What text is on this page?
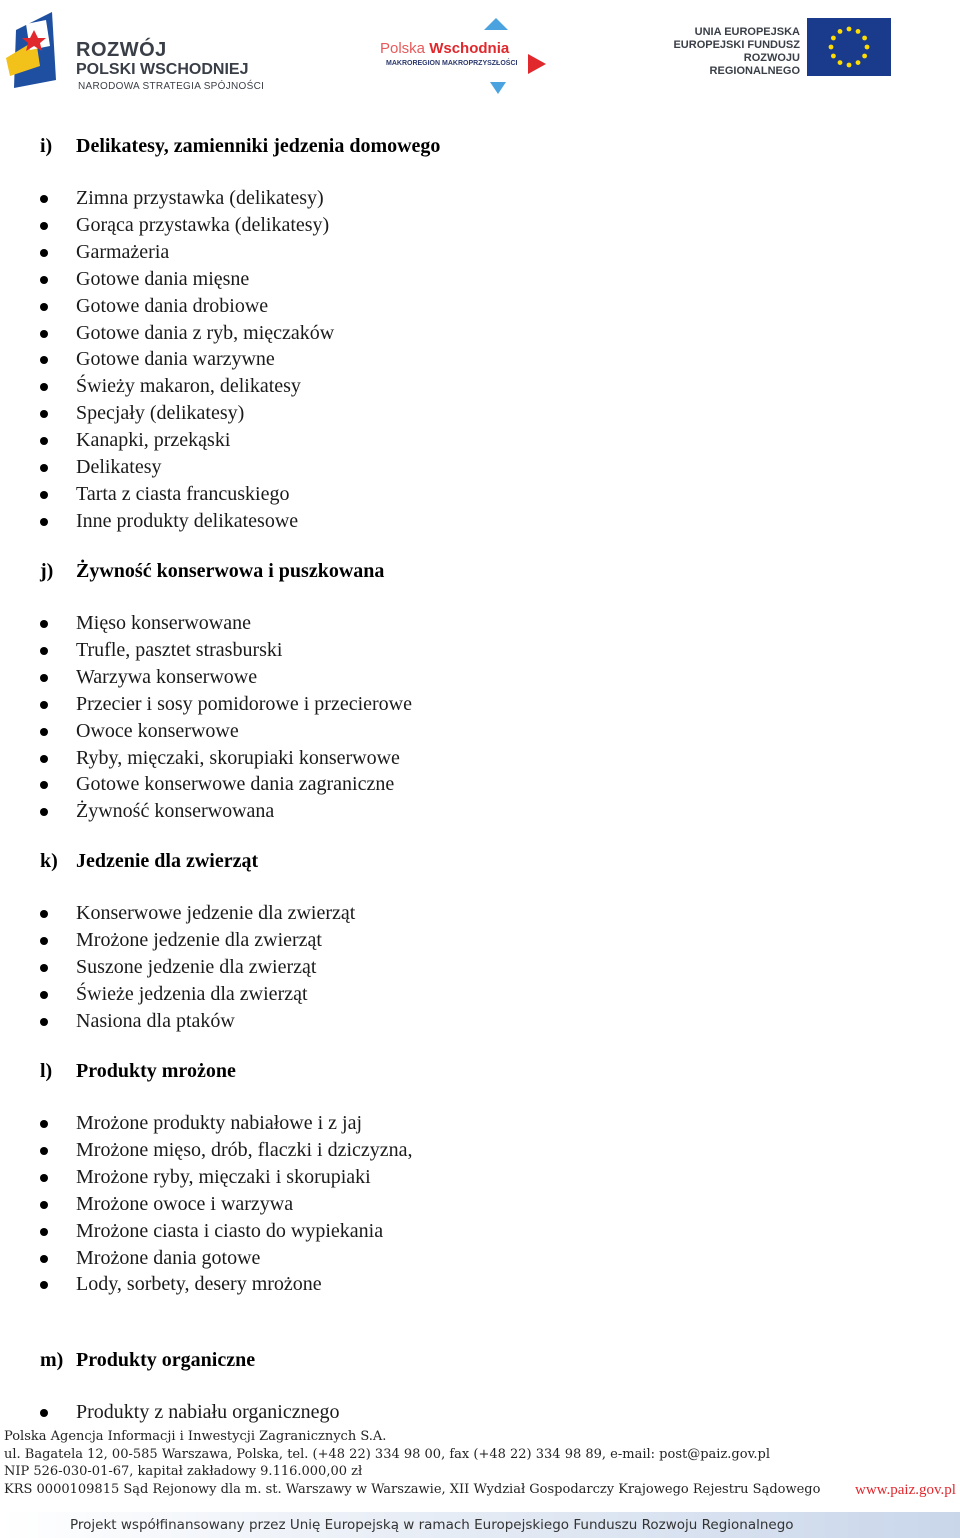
ROZWÓJ
POLSKI WSCHODNIEJ
NARODOWA STRATEGIA SPÓJNOŚCI
Polska Wschodnia
MAKROREGION MAKROPRZYSZŁOŚCI
UNIA EUROPEJSKA
EUROPEJSKI FUNDUSZ
ROZWOJU REGIONALNEGO
i) Delikatesy, zamienniki jedzenia domowego
Zimna przystawka (delikatesy)
Gorąca przystawka (delikatesy)
Garmażeria
Gotowe dania mięsne
Gotowe dania drobiowe
Gotowe dania z ryb, mięczaków
Gotowe dania warzywne
Świeży makaron, delikatesy
Specjały (delikatesy)
Kanapki, przekąski
Delikatesy
Tarta z ciasta francuskiego
Inne produkty delikatesowe
j) Żywność konserwowa i puszkowana
Mięso konserwowane
Trufle, pasztet strasburski
Warzywa konserwowe
Przecier i sosy pomidorowe i przecierowe
Owoce konserwowe
Ryby, mięczaki, skorupiaki konserwowe
Gotowe konserwowe dania zagraniczne
Żywność konserwowana
k) Jedzenie dla zwierząt
Konserwowe jedzenie dla zwierząt
Mrożone jedzenie dla zwierząt
Suszone jedzenie dla zwierząt
Świeże jedzenia dla zwierząt
Nasiona dla ptaków
l) Produkty mrożone
Mrożone produkty nabiałowe i z jaj
Mrożone mięso, drób, flaczki i dziczyzna,
Mrożone ryby, mięczaki i skorupiaki
Mrożone owoce i warzywa
Mrożone ciasta i ciasto do wypiekania
Mrożone dania gotowe
Lody, sorbety, desery mrożone
m) Produkty organiczne
Produkty z nabiału organicznego
Polska Agencja Informacji i Inwestycji Zagranicznych S.A.
ul. Bagatela 12, 00-585 Warszawa, Polska, tel. (+48 22) 334 98 00, fax (+48 22) 334 98 89, e-mail: post@paiz.gov.pl
NIP 526-030-01-67, kapitał zakładowy 9.116.000,00 zł
KRS 0000109815 Sąd Rejonowy dla m. st. Warszawy w Warszawie, XII Wydział Gospodarczy Krajowego Rejestru Sądowego	www.paiz.gov.pl
Projekt współfinansowany przez Unię Europejską w ramach Europejskiego Funduszu Rozwoju Regionalnego
